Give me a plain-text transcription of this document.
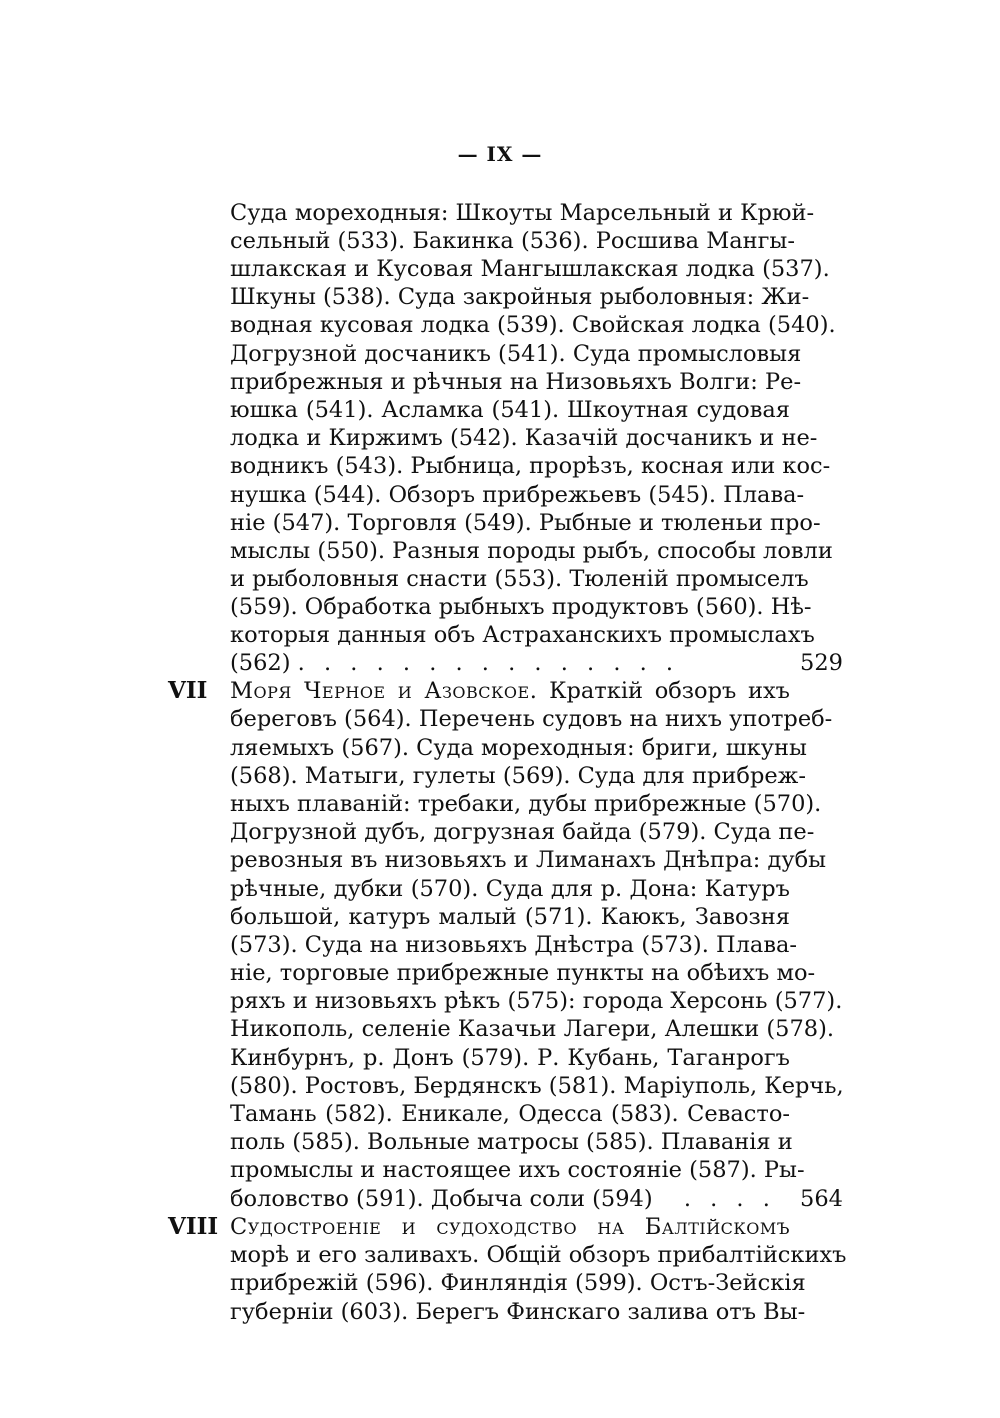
— IX —
Суда мореходныя: Шкоуты Марсельный и Крюй-
сельный (533). Бакинка (536). Росшива Мангы-
шлакская и Кусовая Мангышлакская лодка (537).
Шкуны (538). Суда закройныя рыболовныя: Жи-
водная кусовая лодка (539). Свойская лодка (540).
Догрузной досчаникъ (541). Суда промысловыя
прибрежныя и рѣчныя на Низовьяхъ Волги: Ре-
юшка (541). Асламка (541). Шкоутная судовая
лодка и Киржимъ (542). Казачій досчаникъ и не-
водникъ (543). Рыбница, прорѣзъ, косная или кос-
нушка (544). Обзоръ прибрежьевъ (545). Плава-
ніе (547). Торговля (549). Рыбные и тюленьи про-
мыслы (550). Разныя породы рыбъ, способы ловли
и рыболовныя снасти (553). Тюленій промыселъ
(559). Обработка рыбныхъ продуктовъ (560). Нѣ-
которыя данныя объ Астраханскихъ промыслахъ
(562) . . . . . . . . . . . . . . .	529
VII	Моря Черное и Азовское. Краткій обзоръ ихъ
береговъ (564). Перечень судовъ на нихъ употреб-
ляемыхъ (567). Суда мореходныя: бриги, шкуны
(568). Матыги, гулеты (569). Суда для прибреж-
ныхъ плаваній: требаки, дубы прибрежные (570).
Догрузной дубъ, догрузная байда (579). Суда пе-
ревозныя въ низовьяхъ и Лиманахъ Днѣпра: дубы
рѣчные, дубки (570). Суда для р. Дона: Катуръ
большой, катуръ малый (571). Каюкъ, Завозня
(573). Суда на низовьяхъ Днѣстра (573). Плава-
ніе, торговые прибрежные пункты на обѣихъ мо-
ряхъ и низовьяхъ рѣкъ (575): города Херсонь (577).
Никополь, селеніе Казачьи Лагери, Алешки (578).
Кинбурнъ, р. Донъ (579). Р. Кубань, Таганрогъ
(580). Ростовъ, Бердянскъ (581). Маріуполь, Керчь,
Тамань (582). Еникале, Одесса (583). Севасто-
поль (585). Вольные матросы (585). Плаванія и
промыслы и настоящее ихъ состояніе (587). Ры-
боловство (591). Добыча соли (594) . . . .	564
VIII Судостроеніе и судоходство на Балтійскомъ
морѣ и его заливахъ. Общій обзоръ прибалтійскихъ
прибрежій (596). Финляндія (599). Остъ-Зейскія
губерніи (603). Берегъ Финскаго залива отъ Вы-
